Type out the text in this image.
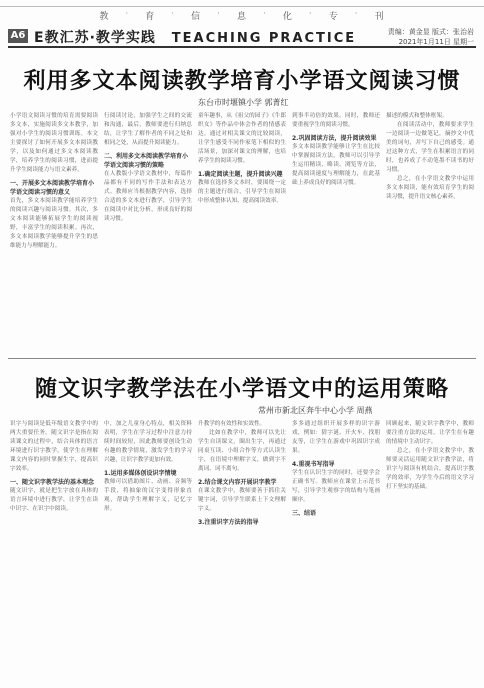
教 · 育 · 信 · 息 · 化 · 专 · 刊
A6 E教汇苏·教学实践 TEACHING PRACTICE	责编：黄金显 版式：张治岩
2021年1月11日 星期一
利用多文本阅读教学培育小学语文阅读习惯
东台市时堰镇小学 郭菁红

小学语文阅读习惯的培育需要阅读多文本，实施阅读多文本教学，加强对小学生的阅读习惯训练。本文主要探讨了如何开展多文本阅读教学，以及如何通过多文本阅读教学，培养学生的阅读习惯，进而提升学生阅读能力与语文素养。

一、开展多文本阅读教学培育小学语文阅读习惯的意义

首先，多文本阅读教学能培养学生的阅读兴趣与阅读习惯。其次，多文本阅读能够拓展学生的阅读视野，丰富学生的阅读积累。再次，多文本阅读教学能够提升学生的思维能力与理解能力。

行阅读讨论，加强学生之间的交流和沟通，最后，教师要进行归纳总结，让学生了解作者的不同之处和相同之处，从而提升阅读能力。

二、利用多文本阅读教学培育小学语文阅读习惯的策略

在人教版小学语文教材中，每篇作品都有不同的写作手法和表达方式。教师应当根据教学内容，选择合适的多文本进行教学，引导学生在阅读中对比分析，形成良好的阅读习惯。

童年趣事，从《祖父的园子》《牛郎织女》等作品中体会作者的情感表达。通过对相关课文的比较阅读，让学生感受不同作家笔下相似的生活场景，加深对课文的理解，也培养学生的阅读习惯。

1.确定阅读主题，提升阅读兴趣

教师在选择多文本时，要围绕一定的主题进行组合，引导学生在阅读中形成整体认知，提高阅读效率。

到事半功倍的效果。同时，教师还要重视学生的阅读习惯。

2.巩固阅读方法，提升阅读效果

多文本阅读教学能够让学生在比较中掌握阅读方法。教师可以引导学生运用精读、略读、浏览等方法，提高阅读速度与理解能力，在此基础上养成良好的阅读习惯。

描述的模式和整体框架。

在阅读活动中，教师要求学生一边阅读一边做笔记，摘抄文中优美的词句，并写下自己的感受。通过这种方式，学生在积累语言的同时，也养成了不动笔墨不读书的好习惯。

总之，在小学语文教学中运用多文本阅读，能有效培育学生的阅读习惯，提升语文核心素养。

随文识字教学法在小学语文中的运用策略
常州市新北区奔牛中心小学 周燕

识字与阅读是低年级语文教学中的两大重要任务。随文识字是指在阅读课文的过程中，结合具体的语言环境进行识字教学，使学生在理解课文内容的同时掌握生字，提高识字效率。

一、随文识字教学法的基本理念

随文识字，就是把生字放在具体的语言环境中进行教学，让学生在读中识字、在识字中阅读。

中，加之儿童身心特点，相关资料表明，学生在学习过程中注意力持续时间较短，因此教师要创设生动有趣的教学情境，激发学生的学习兴趣，让识字教学更加有效。

1.运用多媒体创设识字情境

教师可以借助图片、动画、音频等手段，将抽象的汉字变得形象直观，帮助学生理解字义，记忆字形。

升教学的有效性和实效性。

比如在教学中，教师可以先让学生自读课文，圈出生字，再通过同桌互读、小组合作等方式认读生字，在语境中理解字义，做到字不离词、词不离句。

2.结合课文内容开展识字教学

在课文教学中，教师要善于抓住关键字词，引导学生联系上下文理解字义。

3.注重识字方法的指导

多多通过组织开展多样的识字游戏，例如：猜字谜、开火车、找朋友等，让学生在游戏中巩固识字成果。

4.重视书写指导

学生在认识生字的同时，还要学会正确书写。教师应在课堂上示范书写，引导学生观察字的结构与笔画顺序。

三、结语

回顾起来，随文识字教学中，教师要注重方法的运用，让学生在有趣的情境中主动识字。

总之，在小学语文教学中，教师要灵活运用随文识字教学法，将识字与阅读有机结合，提高识字教学的效率，为学生今后的语文学习打下坚实的基础。
